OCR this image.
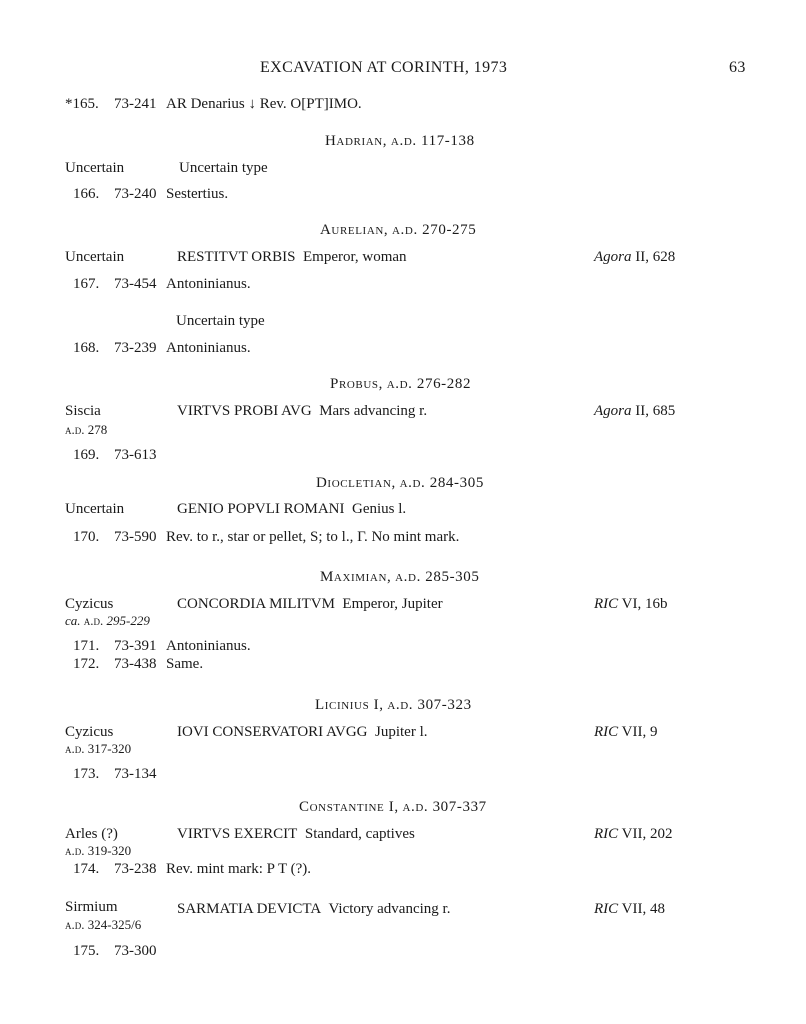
EXCAVATION AT CORINTH, 1973	63
*165. 73-241 AR Denarius ↓ Rev. O[PT]IMO.
Hadrian, a.d. 117-138
Uncertain	Uncertain type
166. 73-240 Sestertius.
Aurelian, a.d. 270-275
Uncertain	RESTITVT ORBIS Emperor, woman	Agora II, 628
167. 73-454 Antoninianus.
Uncertain type
168. 73-239 Antoninianus.
Probus, a.d. 276-282
Siscia
a.d. 278
VIRTVS PROBI AVG Mars advancing r.	Agora II, 685
169. 73-613
Diocletian, a.d. 284-305
Uncertain	GENIO POPVLI ROMANI Genius l.
170. 73-590 Rev. to r., star or pellet, S; to l., Γ. No mint mark.
Maximian, a.d. 285-305
Cyzicus
ca. a.d. 295-229
CONCORDIA MILITVM Emperor, Jupiter	RIC VI, 16b
171. 73-391 Antoninianus.
172. 73-438 Same.
Licinius I, a.d. 307-323
Cyzicus
a.d. 317-320
IOVI CONSERVATORI AVGG Jupiter l.	RIC VII, 9
173. 73-134
Constantine I, a.d. 307-337
Arles (?)
a.d. 319-320
VIRTVS EXERCIT Standard, captives	RIC VII, 202
174. 73-238 Rev. mint mark: P T (?).
Sirmium
a.d. 324-325/6
SARMATIA DEVICTA Victory advancing r.	RIC VII, 48
175. 73-300
